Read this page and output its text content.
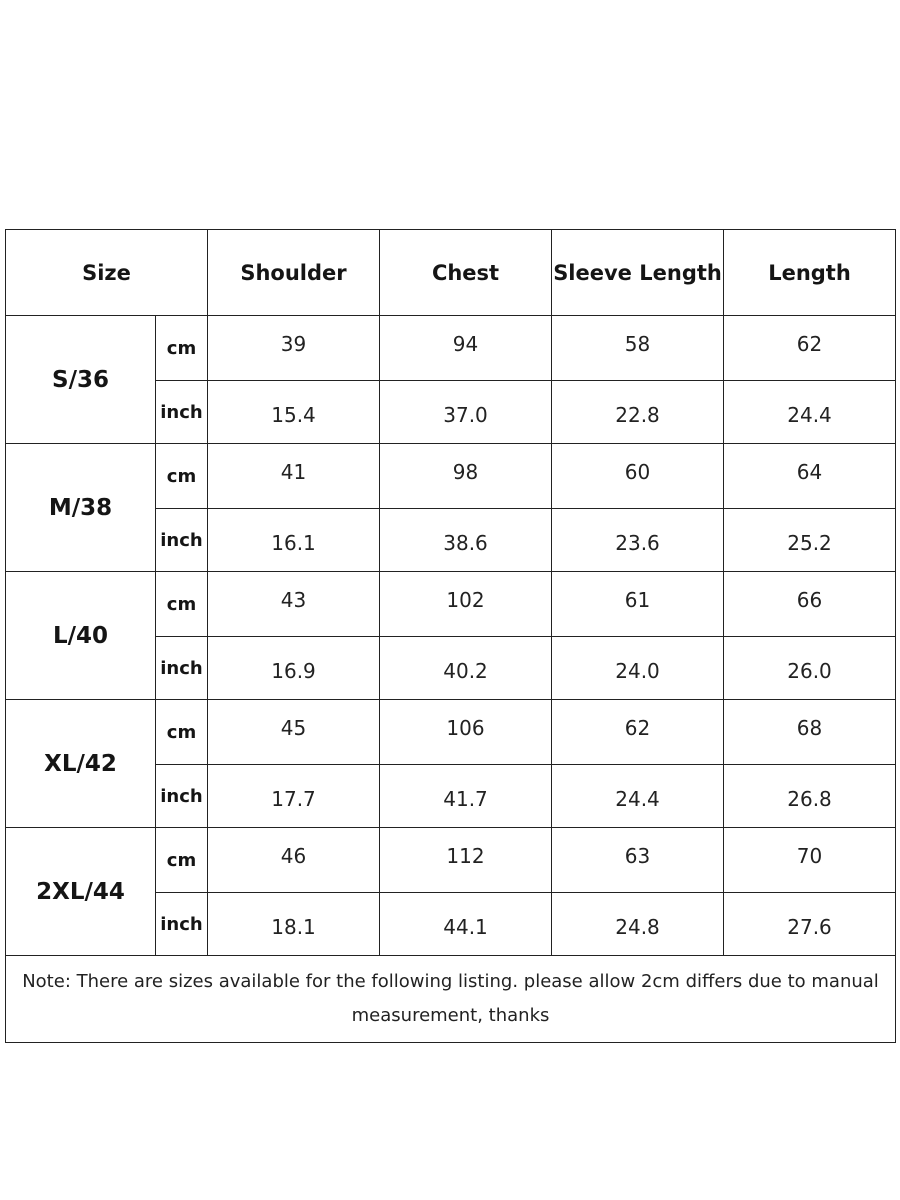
Size		Shoulder	Chest	Sleeve Length	Length
S/36	cm	39	94	58	62
	inch	15.4	37.0	22.8	24.4
M/38	cm	41	98	60	64
	inch	16.1	38.6	23.6	25.2
L/40	cm	43	102	61	66
	inch	16.9	40.2	24.0	26.0
XL/42	cm	45	106	62	68
	inch	17.7	41.7	24.4	26.8
2XL/44	cm	46	112	63	70
	inch	18.1	44.1	24.8	27.6
Note: There are sizes available for the following listing. please allow 2cm differs due to manual measurement, thanks					
